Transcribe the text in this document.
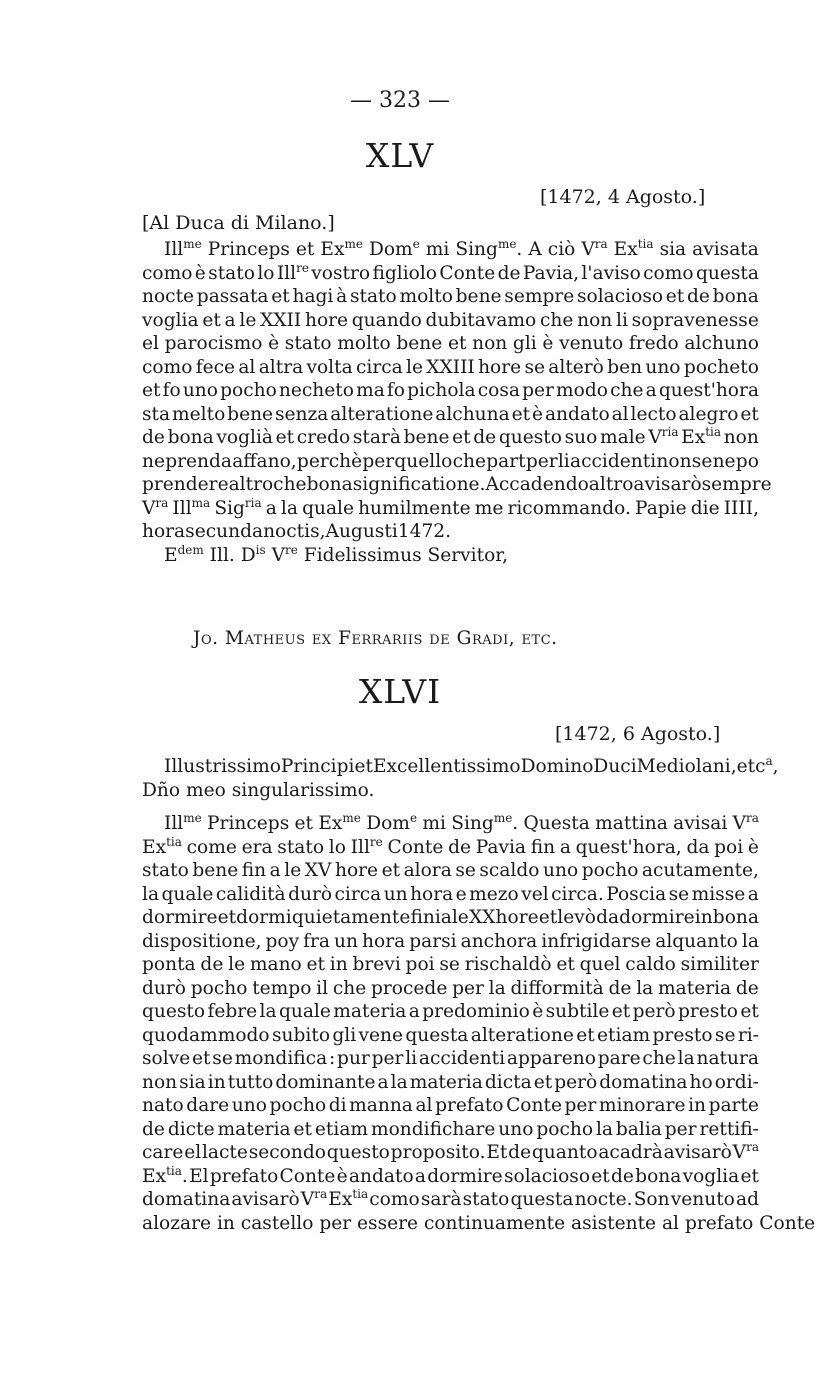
— 323 —
XLV
[1472, 4 Agosto.]
[Al Duca di Milano.]
Ill$^{me}$ Princeps et $Ex^{me}$ Dom$^e$ mi Sing$^{me}$. A ciò $V^{ra}$ $Ex^{tia}$ sia avisata
como è stato lo Ill$^{re}$ vostro figliolo Conte de Pavia, l'aviso como questa
nocte passata et hagi à stato molto bene sempre solacioso et de bona
voglia et a le XXII hore quando dubitavamo che non li sopravenesse
el parocismo è stato molto bene et non gli è venuto fredo alchuno
como fece al altra volta circa le XXIII hore se alterò ben uno pocheto
et fo uno pocho necheto ma fo pichola cosa per modo che a quest'hora
sta melto bene senza alteratione alchuna et è andato al lecto alegro et
de bona voglià et credo starà bene et de questo suo male $V^{ria}$ $Ex^{tia}$ non
ne prenda affano, perchè per quello che part per li accidenti non se ne po
prendere altro che bona significatione. Accadendo altro avisarò sempre
$V^{ra}$ Ill$^{ma}$ Sig$^{ria}$ a la quale humilmente me ricommando. Papie die IIII,
hora secunda noctis, Augusti 1472.
$E^{dem}$ Ill. $D^{is}$ Vre Fidelissimus Servitor,
Jo. Matheus ex Ferrariis de Gradi, etc.
XLVI
[1472, 6 Agosto.]
Illustrissimo Principi et Excellentissimo Domino Duci Mediolani, etc$^a$,
Dño meo singularissimo.
Ill$^{me}$ Princeps et $Ex^{me}$ Dom$^e$ mi Sing$^{me}$. Questa mattina avisai $V^{ra}$
$Ex^{tia}$ come era stato lo Ill$^{re}$ Conte de Pavia fin a quest'hora, da poi è
stato bene fin a le XV hore et alora se scaldo uno pocho acutamente,
la quale calidità durò circa un hora e mezo vel circa. Poscia se misse a
dormire et dormi quietamente finiale XX hore et levò da dormire in bona
dispositione, poy fra un hora parsi anchora infrigidarse alquanto la
ponta de le mano et in brevi poi se rischaldò et quel caldo similiter
durò pocho tempo il che procede per la difformità de la materia de
questo febre la quale materia a predominio è subtile et però presto et
quodammodo subito gli vene questa alteratione et etiam presto se ri-
solve et se mondifica : pur per li accidenti appareno pare che la natura
non sia in tutto dominante a la materia dicta et però domatina ho ordi-
nato dare uno pocho di manna al prefato Conte per minorare in parte
de dicte materia et etiam mondifichare uno pocho la balia per rettifi-
care el lacte secondo questo proposito. Et de quanto acadrà avisarò $V^{ra}$
$Ex^{tia}$. El prefato Conte è andato a dormire solacioso et de bona voglia et
domatina avisarò $V^{ra}$ $Ex^{tia}$ como sarà stato questa nocte. Son venuto ad
alozare in castello per essere continuamente asistente al prefato Conte
